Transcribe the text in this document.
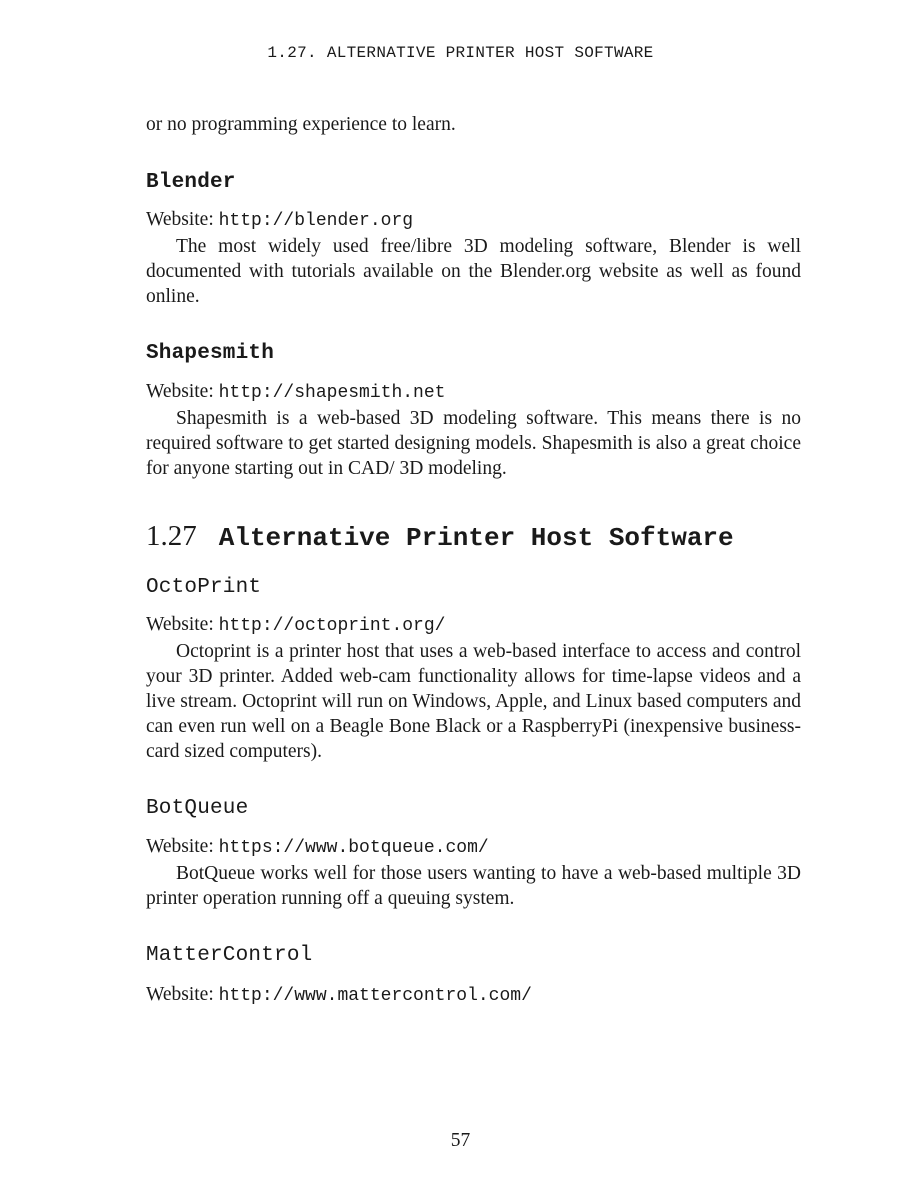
1.27. ALTERNATIVE PRINTER HOST SOFTWARE

or no programming experience to learn.

Blender
Website: http://blender.org

The most widely used free/libre 3D modeling software, Blender is well documented with tutorials available on the Blender.org website as well as found online.

Shapesmith
Website: http://shapesmith.net

Shapesmith is a web-based 3D modeling software. This means there is no required software to get started designing models. Shapesmith is also a great choice for anyone starting out in CAD/ 3D modeling.

1.27 Alternative Printer Host Software
OctoPrint
Website: http://octoprint.org/

Octoprint is a printer host that uses a web-based interface to access and control your 3D printer. Added web-cam functionality allows for time-lapse videos and a live stream. Octoprint will run on Windows, Apple, and Linux based computers and can even run well on a Beagle Bone Black or a RaspberryPi (inexpensive business-card sized computers).

BotQueue
Website: https://www.botqueue.com/

BotQueue works well for those users wanting to have a web-based multiple 3D printer operation running off a queuing system.

MatterControl
Website: http://www.mattercontrol.com/
57
